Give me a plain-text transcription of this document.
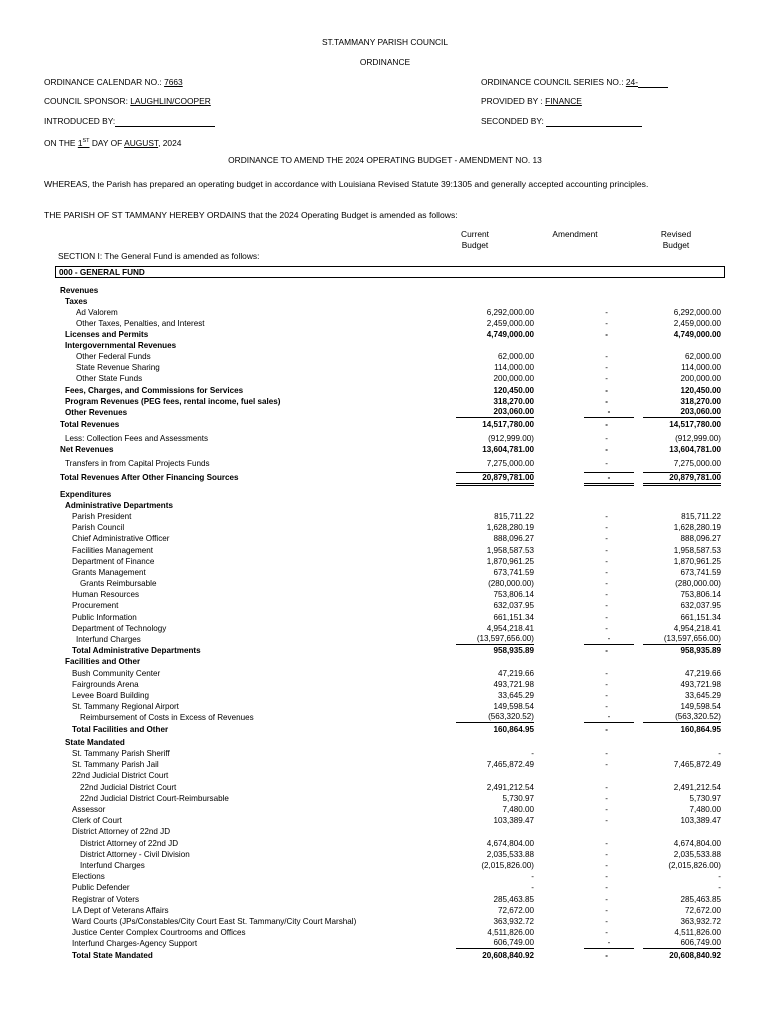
ST.TAMMANY PARISH COUNCIL
ORDINANCE
ORDINANCE CALENDAR NO.: 7663	ORDINANCE COUNCIL SERIES NO.: 24-
COUNCIL SPONSOR: LAUGHLIN/COOPER	PROVIDED BY : FINANCE
INTRODUCED BY:	SECONDED BY:
ON THE 1ST DAY OF AUGUST, 2024
ORDINANCE TO AMEND THE 2024 OPERATING BUDGET - AMENDMENT NO. 13
WHEREAS, the Parish has prepared an operating budget in accordance with Louisiana Revised Statute 39:1305 and generally accepted accounting principles.
THE PARISH OF ST TAMMANY HEREBY ORDAINS that the 2024 Operating Budget is amended as follows:
Current
Budget
Amendment	Revised
Budget
SECTION I: The General Fund is amended as follows:
000 - GENERAL FUND
Revenues
Taxes
Ad Valorem	6,292,000.00	-	6,292,000.00
Other Taxes, Penalties, and Interest	2,459,000.00	-	2,459,000.00
Licenses and Permits	4,749,000.00	-	4,749,000.00
Intergovernmental Revenues
Other Federal Funds	62,000.00	-	62,000.00
State Revenue Sharing	114,000.00	-	114,000.00
Other State Funds	200,000.00	-	200,000.00
Fees, Charges, and Commissions for Services	120,450.00	-	120,450.00
Program Revenues (PEG fees, rental income, fuel sales)	318,270.00	-	318,270.00
Other Revenues	203,060.00	-	203,060.00
Total Revenues	14,517,780.00	-	14,517,780.00
Less: Collection Fees and Assessments	(912,999.00)	-	(912,999.00)
Net Revenues	13,604,781.00	-	13,604,781.00
Transfers in from Capital Projects Funds	7,275,000.00	-	7,275,000.00
Total Revenues After Other Financing Sources	20,879,781.00	-	20,879,781.00
Expenditures
Administrative Departments
Parish President	815,711.22	-	815,711.22
Parish Council	1,628,280.19	-	1,628,280.19
Chief Administrative Officer	888,096.27	-	888,096.27
Facilities Management	1,958,587.53	-	1,958,587.53
Department of Finance	1,870,961.25	-	1,870,961.25
Grants Management	673,741.59	-	673,741.59
Grants Reimbursable	(280,000.00)	-	(280,000.00)
Human Resources	753,806.14	-	753,806.14
Procurement	632,037.95	-	632,037.95
Public Information	661,151.34	-	661,151.34
Department of Technology	4,954,218.41	-	4,954,218.41
Interfund Charges	(13,597,656.00)	-	(13,597,656.00)
Total Administrative Departments	958,935.89	-	958,935.89
Facilities and Other
Bush Community Center	47,219.66	-	47,219.66
Fairgrounds Arena	493,721.98	-	493,721.98
Levee Board Building	33,645.29	-	33,645.29
St. Tammany Regional Airport	149,598.54	-	149,598.54
Reimbursement of Costs in Excess of Revenues	(563,320.52)	-	(563,320.52)
Total Facilities and Other	160,864.95	-	160,864.95
State Mandated
St. Tammany Parish Sheriff	-	-	-
St. Tammany Parish Jail	7,465,872.49	-	7,465,872.49
22nd Judicial District Court
22nd Judicial District Court	2,491,212.54	-	2,491,212.54
22nd Judicial District Court-Reimbursable	5,730.97	-	5,730.97
Assessor	7,480.00	-	7,480.00
Clerk of Court	103,389.47	-	103,389.47
District Attorney of 22nd JD
District Attorney of 22nd JD	4,674,804.00	-	4,674,804.00
District Attorney - Civil Division	2,035,533.88	-	2,035,533.88
Interfund Charges	(2,015,826.00)	-	(2,015,826.00)
Elections	-	-	-
Public Defender	-	-	-
Registrar of Voters	285,463.85	-	285,463.85
LA Dept of Veterans Affairs	72,672.00	-	72,672.00
Ward Courts (JPs/Constables/City Court East St. Tammany/City Court Marshal)	363,932.72	-	363,932.72
Justice Center Complex Courtrooms and Offices	4,511,826.00	-	4,511,826.00
Interfund Charges-Agency Support	606,749.00	-	606,749.00
Total State Mandated	20,608,840.92	-	20,608,840.92
